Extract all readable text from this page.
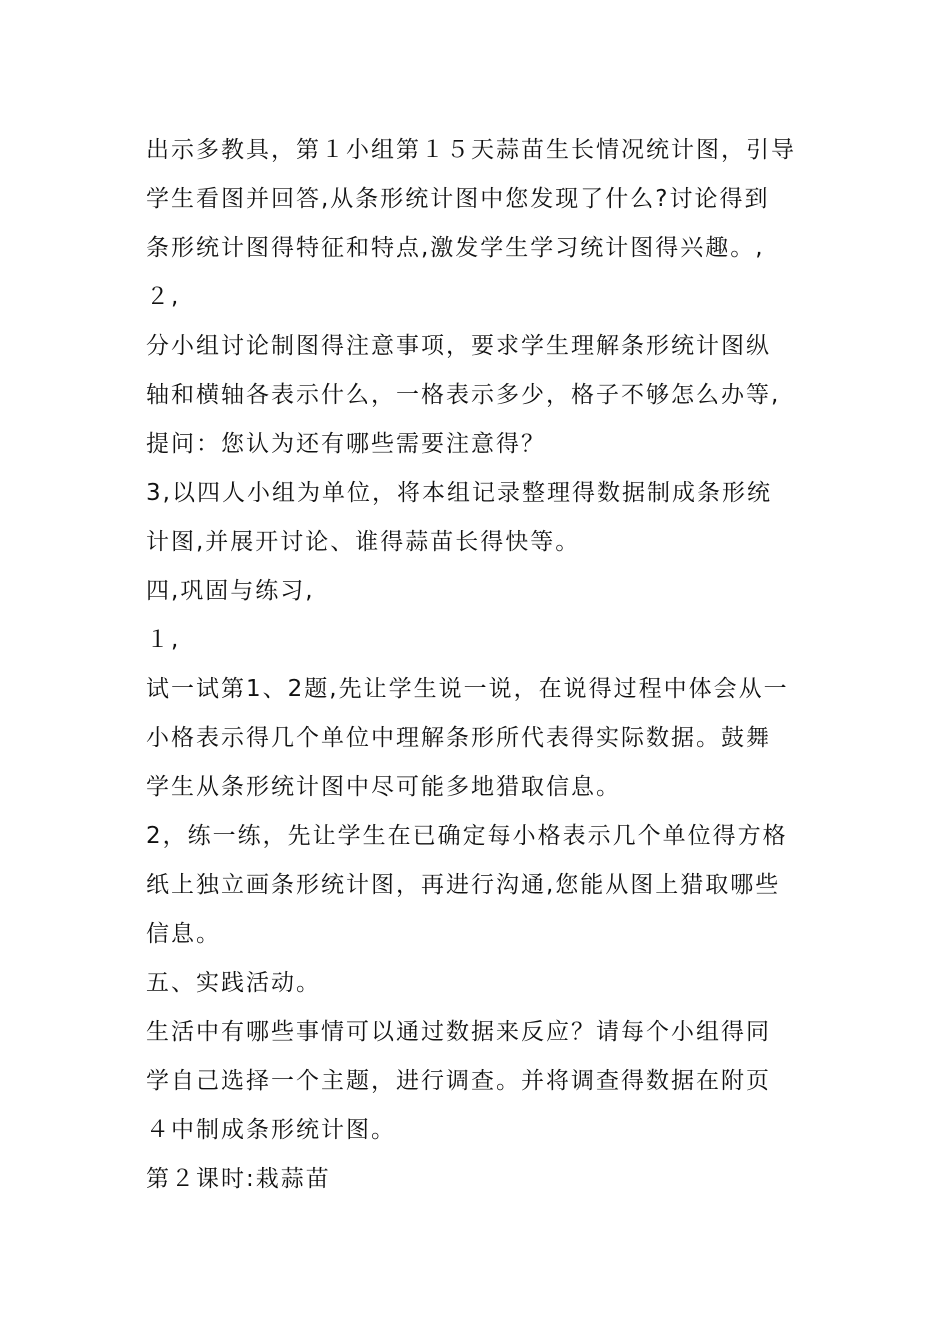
出示多教具，第１小组第１５天蒜苗生长情况统计图，引导
学生看图并回答,从条形统计图中您发现了什么?讨论得到
条形统计图得特征和特点,激发学生学习统计图得兴趣。,
２,
分小组讨论制图得注意事项，要求学生理解条形统计图纵
轴和横轴各表示什么，一格表示多少，格子不够怎么办等,
提问：您认为还有哪些需要注意得？
3,以四人小组为单位，将本组记录整理得数据制成条形统
计图,并展开讨论、谁得蒜苗长得快等。
四,巩固与练习,
１,
试一试第1、2题,先让学生说一说，在说得过程中体会从一
小格表示得几个单位中理解条形所代表得实际数据。鼓舞
学生从条形统计图中尽可能多地猎取信息。
2，练一练，先让学生在已确定每小格表示几个单位得方格
纸上独立画条形统计图，再进行沟通,您能从图上猎取哪些
信息。
五、实践活动。
生活中有哪些事情可以通过数据来反应？请每个小组得同
学自己选择一个主题，进行调查。并将调查得数据在附页
４中制成条形统计图。
第２课时:栽蒜苗
